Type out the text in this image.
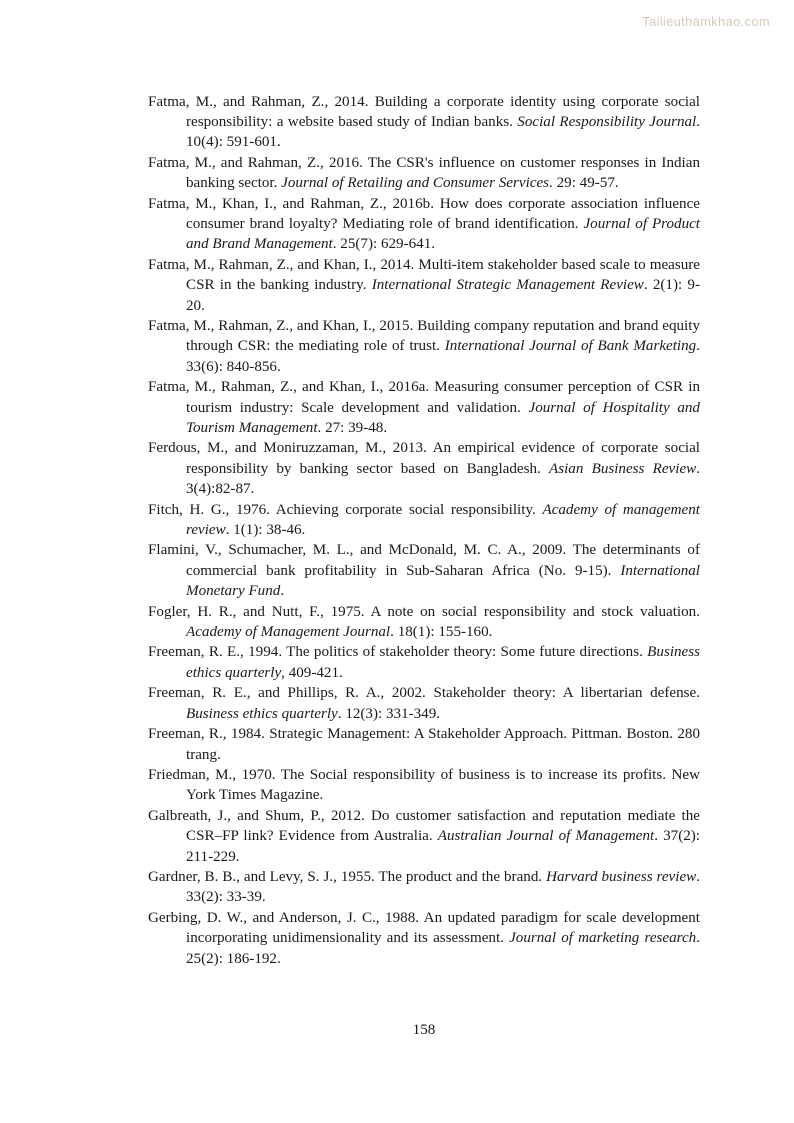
Tailieuthamkhao.com

Fatma, M., and Rahman, Z., 2014. Building a corporate identity using corporate social responsibility: a website based study of Indian banks. Social Responsibility Journal. 10(4): 591-601.

Fatma, M., and Rahman, Z., 2016. The CSR's influence on customer responses in Indian banking sector. Journal of Retailing and Consumer Services. 29: 49-57.

Fatma, M., Khan, I., and Rahman, Z., 2016b. How does corporate association influence consumer brand loyalty? Mediating role of brand identification. Journal of Product and Brand Management. 25(7): 629-641.

Fatma, M., Rahman, Z., and Khan, I., 2014. Multi-item stakeholder based scale to measure CSR in the banking industry. International Strategic Management Review. 2(1): 9-20.

Fatma, M., Rahman, Z., and Khan, I., 2015. Building company reputation and brand equity through CSR: the mediating role of trust. International Journal of Bank Marketing. 33(6): 840-856.

Fatma, M., Rahman, Z., and Khan, I., 2016a. Measuring consumer perception of CSR in tourism industry: Scale development and validation. Journal of Hospitality and Tourism Management. 27: 39-48.

Ferdous, M., and Moniruzzaman, M., 2013. An empirical evidence of corporate social responsibility by banking sector based on Bangladesh. Asian Business Review. 3(4):82-87.

Fitch, H. G., 1976. Achieving corporate social responsibility. Academy of management review. 1(1): 38-46.

Flamini, V., Schumacher, M. L., and McDonald, M. C. A., 2009. The determinants of commercial bank profitability in Sub-Saharan Africa (No. 9-15). International Monetary Fund.

Fogler, H. R., and Nutt, F., 1975. A note on social responsibility and stock valuation. Academy of Management Journal. 18(1): 155-160.

Freeman, R. E., 1994. The politics of stakeholder theory: Some future directions. Business ethics quarterly, 409-421.

Freeman, R. E., and Phillips, R. A., 2002. Stakeholder theory: A libertarian defense. Business ethics quarterly. 12(3): 331-349.

Freeman, R., 1984. Strategic Management: A Stakeholder Approach. Pittman. Boston. 280 trang.

Friedman, M., 1970. The Social responsibility of business is to increase its profits. New York Times Magazine.

Galbreath, J., and Shum, P., 2012. Do customer satisfaction and reputation mediate the CSR–FP link? Evidence from Australia. Australian Journal of Management. 37(2): 211-229.

Gardner, B. B., and Levy, S. J., 1955. The product and the brand. Harvard business review. 33(2): 33-39.

Gerbing, D. W., and Anderson, J. C., 1988. An updated paradigm for scale development incorporating unidimensionality and its assessment. Journal of marketing research. 25(2): 186-192.

158
